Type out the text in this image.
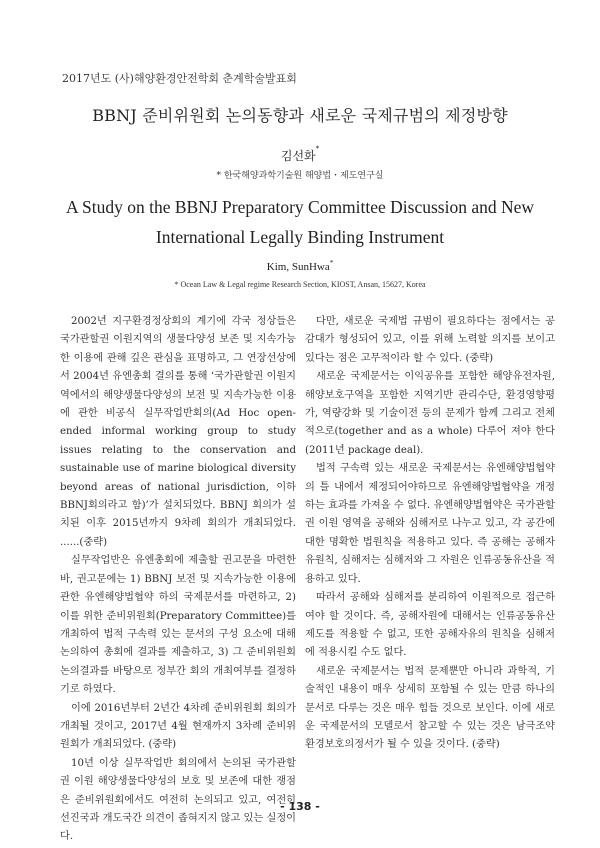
2017년도 (사)해양환경안전학회 춘계학술발표회
BBNJ 준비위원회 논의동향과 새로운 국제규범의 제정방향
김선화*
* 한국해양과학기술원 해양법・제도연구실
A Study on the BBNJ Preparatory Committee Discussion and New
International Legally Binding Instrument
Kim, SunHwa*
* Ocean Law & Legal regime Research Section, KIOST, Ansan, 15627, Korea

2002년 지구환경정상회의 계기에 각국 정상들은 국가관할권 이원지역의 생물다양성 보존 및 지속가능한 이용에 관해 깊은 관심을 표명하고, 그 연장선상에서 2004년 유엔총회 결의를 통해 ‘국가관할권 이원지역에서의 해양생물다양성의 보전 및 지속가능한 이용에 관한 비공식 실무작업반회의(Ad Hoc open-ended informal working group to study issues relating to the conservation and sustainable use of marine biological diversity beyond areas of national jurisdiction, 이하 BBNJ회의라고 함)’가 설치되었다. BBNJ 회의가 설치된 이후 2015년까지 9차례 회의가 개최되었다. ......(중략)

실무작업반은 유엔총회에 제출할 권고문을 마련한 바, 권고문에는 1) BBNJ 보전 및 지속가능한 이용에 관한 유엔해양법협약 하의 국제문서를 마련하고, 2) 이를 위한 준비위원회(Preparatory Committee)를 개최하여 법적 구속력 있는 문서의 구성 요소에 대해 논의하여 총회에 결과를 제출하고, 3) 그 준비위원회 논의결과를 바탕으로 정부간 회의 개최여부를 결정하기로 하였다.

이에 2016년부터 2년간 4차례 준비위원회 회의가 개최될 것이고, 2017년 4월 현재까지 3차례 준비위원회가 개최되었다. (중략)

10년 이상 실무작업반 회의에서 논의된 국가관할권 이원 해양생물다양성의 보호 및 보존에 대한 쟁점은 준비위원회에서도 여전히 논의되고 있고, 여전히 선진국과 개도국간 의견이 좁혀지지 않고 있는 실정이다.

다만, 새로운 국제법 규범이 필요하다는 점에서는 공감대가 형성되어 있고, 이를 위해 노력할 의지를 보이고 있다는 점은 고무적이라 할 수 있다. (중략)

새로운 국제문서는 이익공유를 포함한 해양유전자원, 해양보호구역을 포함한 지역기반 관리수단, 환경영향평가, 역량강화 및 기술이전 등의 문제가 함께 그리고 전체적으로(together and as a whole) 다루어 져야 한다(2011년 package deal).

법적 구속력 있는 새로운 국제문서는 유엔해양법협약의 틀 내에서 제정되어야하므로 유엔해양법협약을 개정하는 효과를 가져올 수 없다. 유엔해양법협약은 국가관할권 이원 영역을 공해와 심해저로 나누고 있고, 각 공간에 대한 명확한 법원칙을 적용하고 있다. 즉 공해는 공해자유원칙, 심해저는 심해저와 그 자원은 인류공동유산을 적용하고 있다.

따라서 공해와 심해저를 분리하여 이원적으로 접근하여야 할 것이다. 즉, 공해자원에 대해서는 인류공동유산제도를 적용할 수 없고, 또한 공해자유의 원칙을 심해저에 적용시킬 수도 없다.

새로운 국제문서는 법적 문제뿐만 아니라 과학적, 기술적인 내용이 매우 상세히 포함될 수 있는 만큼 하나의 문서로 다루는 것은 매우 힘들 것으로 보인다. 이에 새로운 국제문서의 모델로서 참고할 수 있는 것은 남극조약 환경보호의정서가 될 수 있을 것이다. (중략)

- 138 -
